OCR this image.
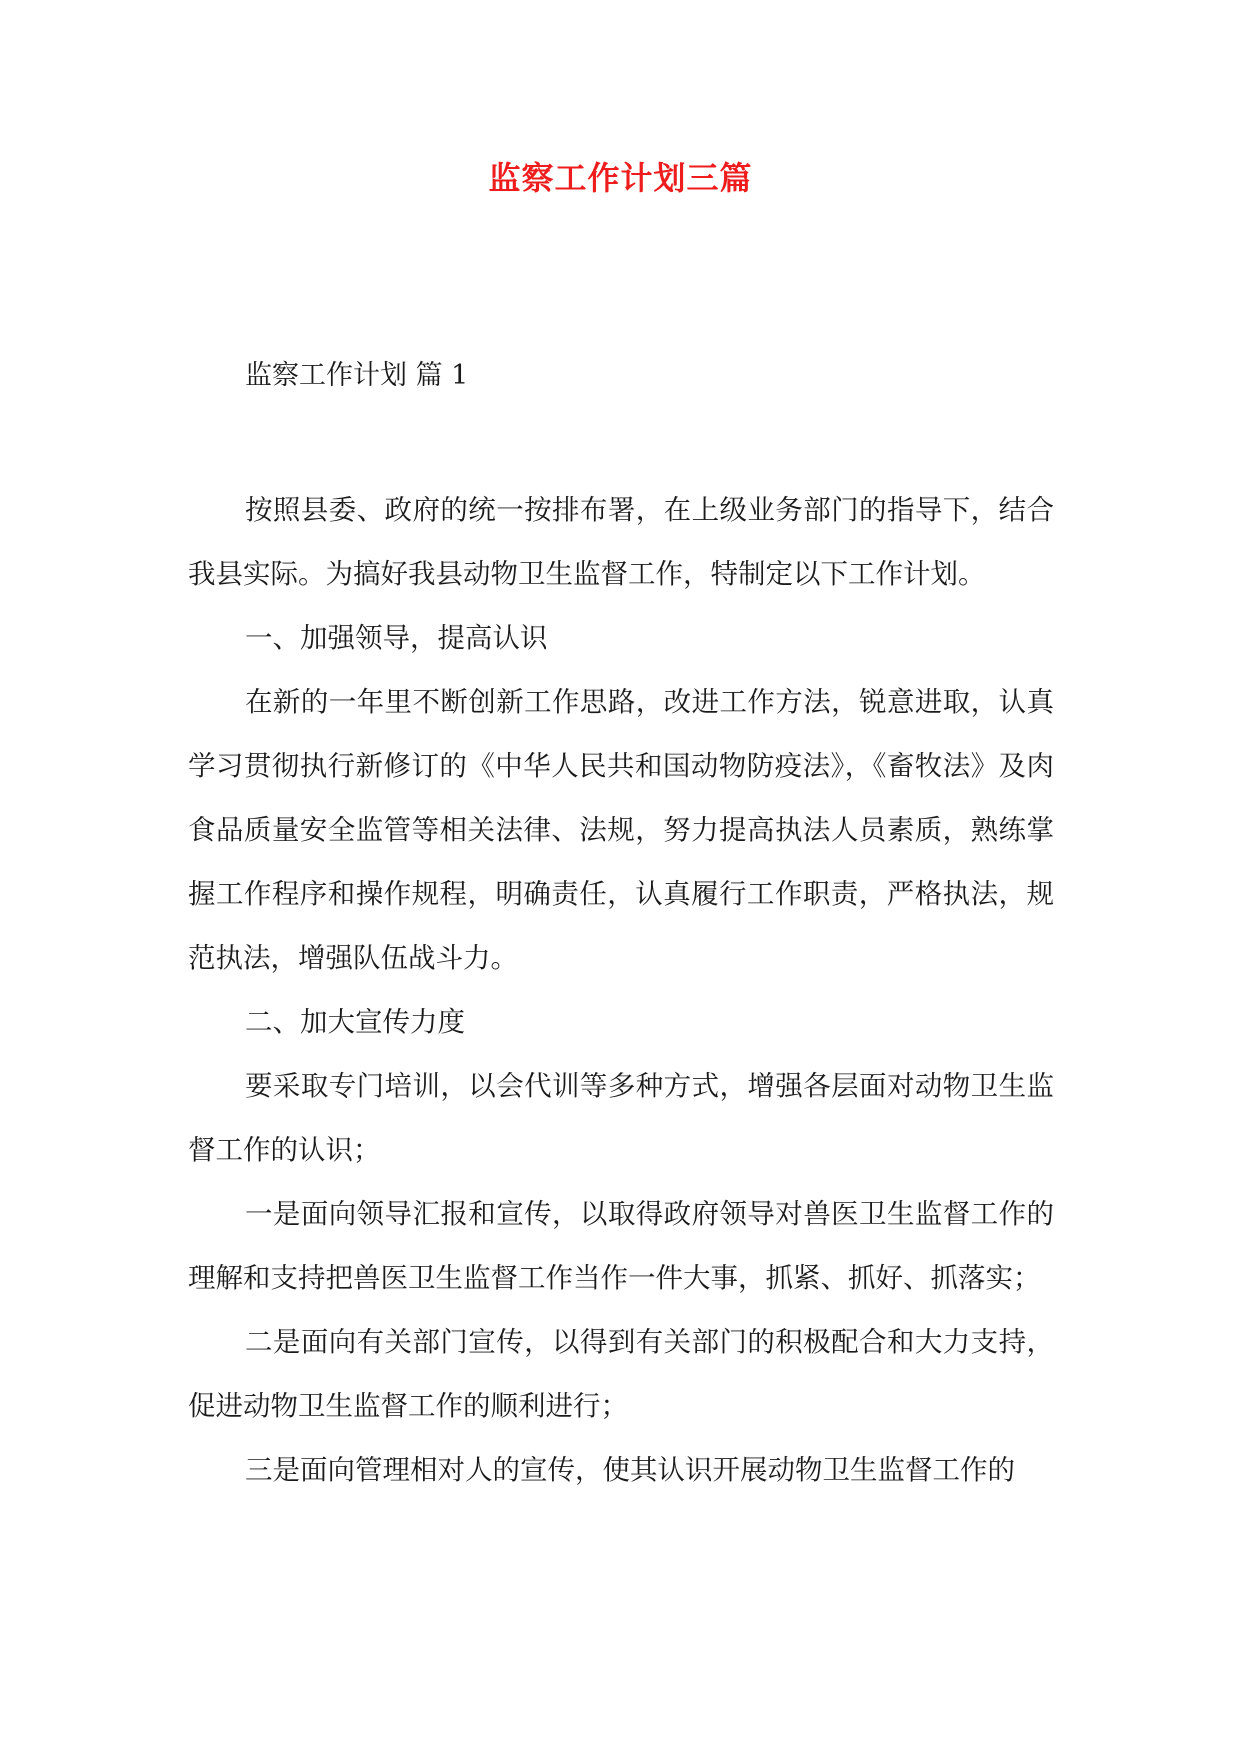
监察工作计划三篇
监察工作计划 篇 1

按照县委、政府的统一按排布署，在上级业务部门的指导下，结合我县实际。为搞好我县动物卫生监督工作，特制定以下工作计划。

一、加强领导，提高认识

在新的一年里不断创新工作思路，改进工作方法，锐意进取，认真学习贯彻执行新修订的《中华人民共和国动物防疫法》，《畜牧法》及肉食品质量安全监管等相关法律、法规，努力提高执法人员素质，熟练掌握工作程序和操作规程，明确责任，认真履行工作职责，严格执法，规范执法，增强队伍战斗力。

二、加大宣传力度

要采取专门培训，以会代训等多种方式，增强各层面对动物卫生监督工作的认识；

一是面向领导汇报和宣传，以取得政府领导对兽医卫生监督工作的理解和支持把兽医卫生监督工作当作一件大事，抓紧、抓好、抓落实；

二是面向有关部门宣传，以得到有关部门的积极配合和大力支持，促进动物卫生监督工作的顺利进行；

三是面向管理相对人的宣传，使其认识开展动物卫生监督工作的
